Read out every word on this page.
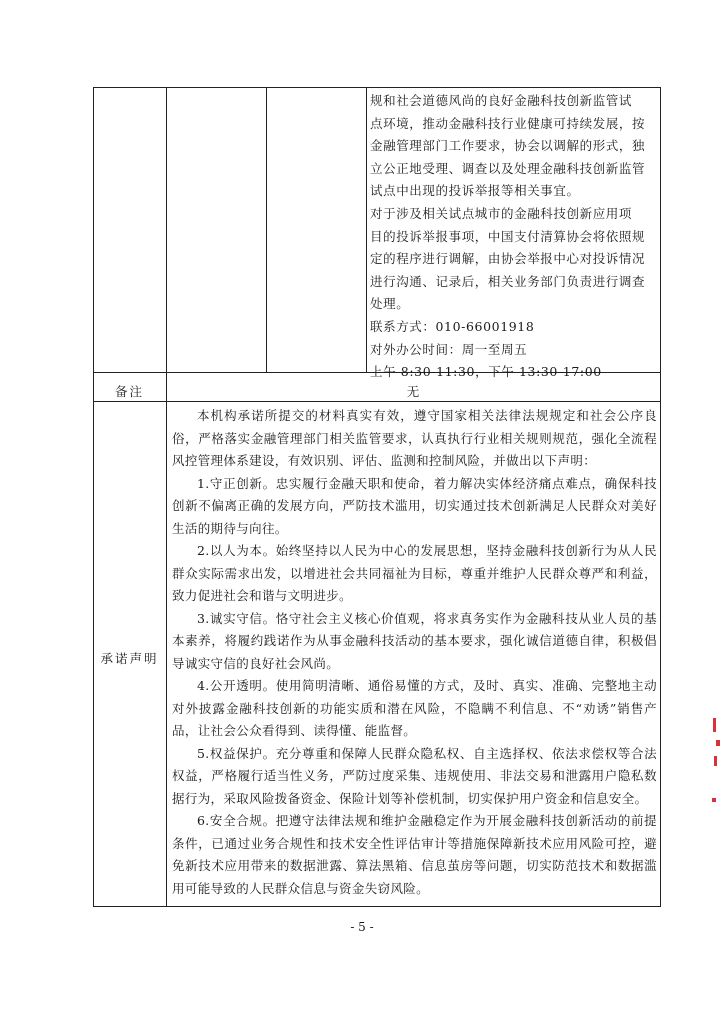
规和社会道德风尚的良好金融科技创新监管试

点环境，推动金融科技行业健康可持续发展，按

金融管理部门工作要求，协会以调解的形式，独

立公正地受理、调查以及处理金融科技创新监管

试点中出现的投诉举报等相关事宜。

对于涉及相关试点城市的金融科技创新应用项

目的投诉举报事项，中国支付清算协会将依照规

定的程序进行调解，由协会举报中心对投诉情况

进行沟通、记录后，相关业务部门负责进行调查

处理。

联系方式：010-66001918

对外办公时间：周一至周五

上午 8:30-11:30，下午 13:30-17:00

备注	无
承诺声明

本机构承诺所提交的材料真实有效，遵守国家相关法律法规规定和社会公序良俗，严格落实金融管理部门相关监管要求，认真执行行业相关规则规范，强化全流程风控管理体系建设，有效识别、评估、监测和控制风险，并做出以下声明：

1.守正创新。忠实履行金融天职和使命，着力解决实体经济痛点难点，确保科技创新不偏离正确的发展方向，严防技术滥用，切实通过技术创新满足人民群众对美好生活的期待与向往。

2.以人为本。始终坚持以人民为中心的发展思想，坚持金融科技创新行为从人民群众实际需求出发，以增进社会共同福祉为目标，尊重并维护人民群众尊严和利益，致力促进社会和谐与文明进步。

3.诚实守信。恪守社会主义核心价值观，将求真务实作为金融科技从业人员的基本素养，将履约践诺作为从事金融科技活动的基本要求，强化诚信道德自律，积极倡导诚实守信的良好社会风尚。

4.公开透明。使用简明清晰、通俗易懂的方式，及时、真实、准确、完整地主动对外披露金融科技创新的功能实质和潜在风险，不隐瞒不利信息、不“劝诱”销售产品，让社会公众看得到、读得懂、能监督。

5.权益保护。充分尊重和保障人民群众隐私权、自主选择权、依法求偿权等合法权益，严格履行适当性义务，严防过度采集、违规使用、非法交易和泄露用户隐私数据行为，采取风险拨备资金、保险计划等补偿机制，切实保护用户资金和信息安全。

6.安全合规。把遵守法律法规和维护金融稳定作为开展金融科技创新活动的前提条件，已通过业务合规性和技术安全性评估审计等措施保障新技术应用风险可控，避免新技术应用带来的数据泄露、算法黑箱、信息茧房等问题，切实防范技术和数据滥用可能导致的人民群众信息与资金失窃风险。

- 5 -
